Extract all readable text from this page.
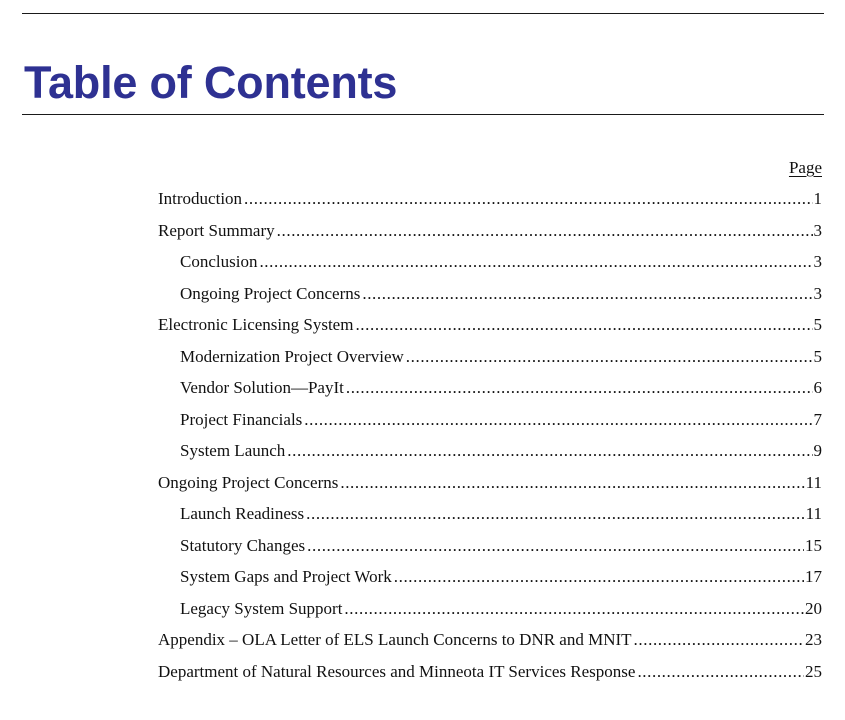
Table of Contents
Page
Introduction .....	1
Report Summary .....	3
Conclusion .....	3
Ongoing Project Concerns .....	3
Electronic Licensing System .....	5
Modernization Project Overview .....	5
Vendor Solution—PayIt .....	6
Project Financials .....	7
System Launch .....	9
Ongoing Project Concerns .....	11
Launch Readiness .....	11
Statutory Changes .....	15
System Gaps and Project Work .....	17
Legacy System Support .....	20
Appendix – OLA Letter of ELS Launch Concerns to DNR and MNIT .....	23
Department of Natural Resources and Minneota IT Services Response .....	25
